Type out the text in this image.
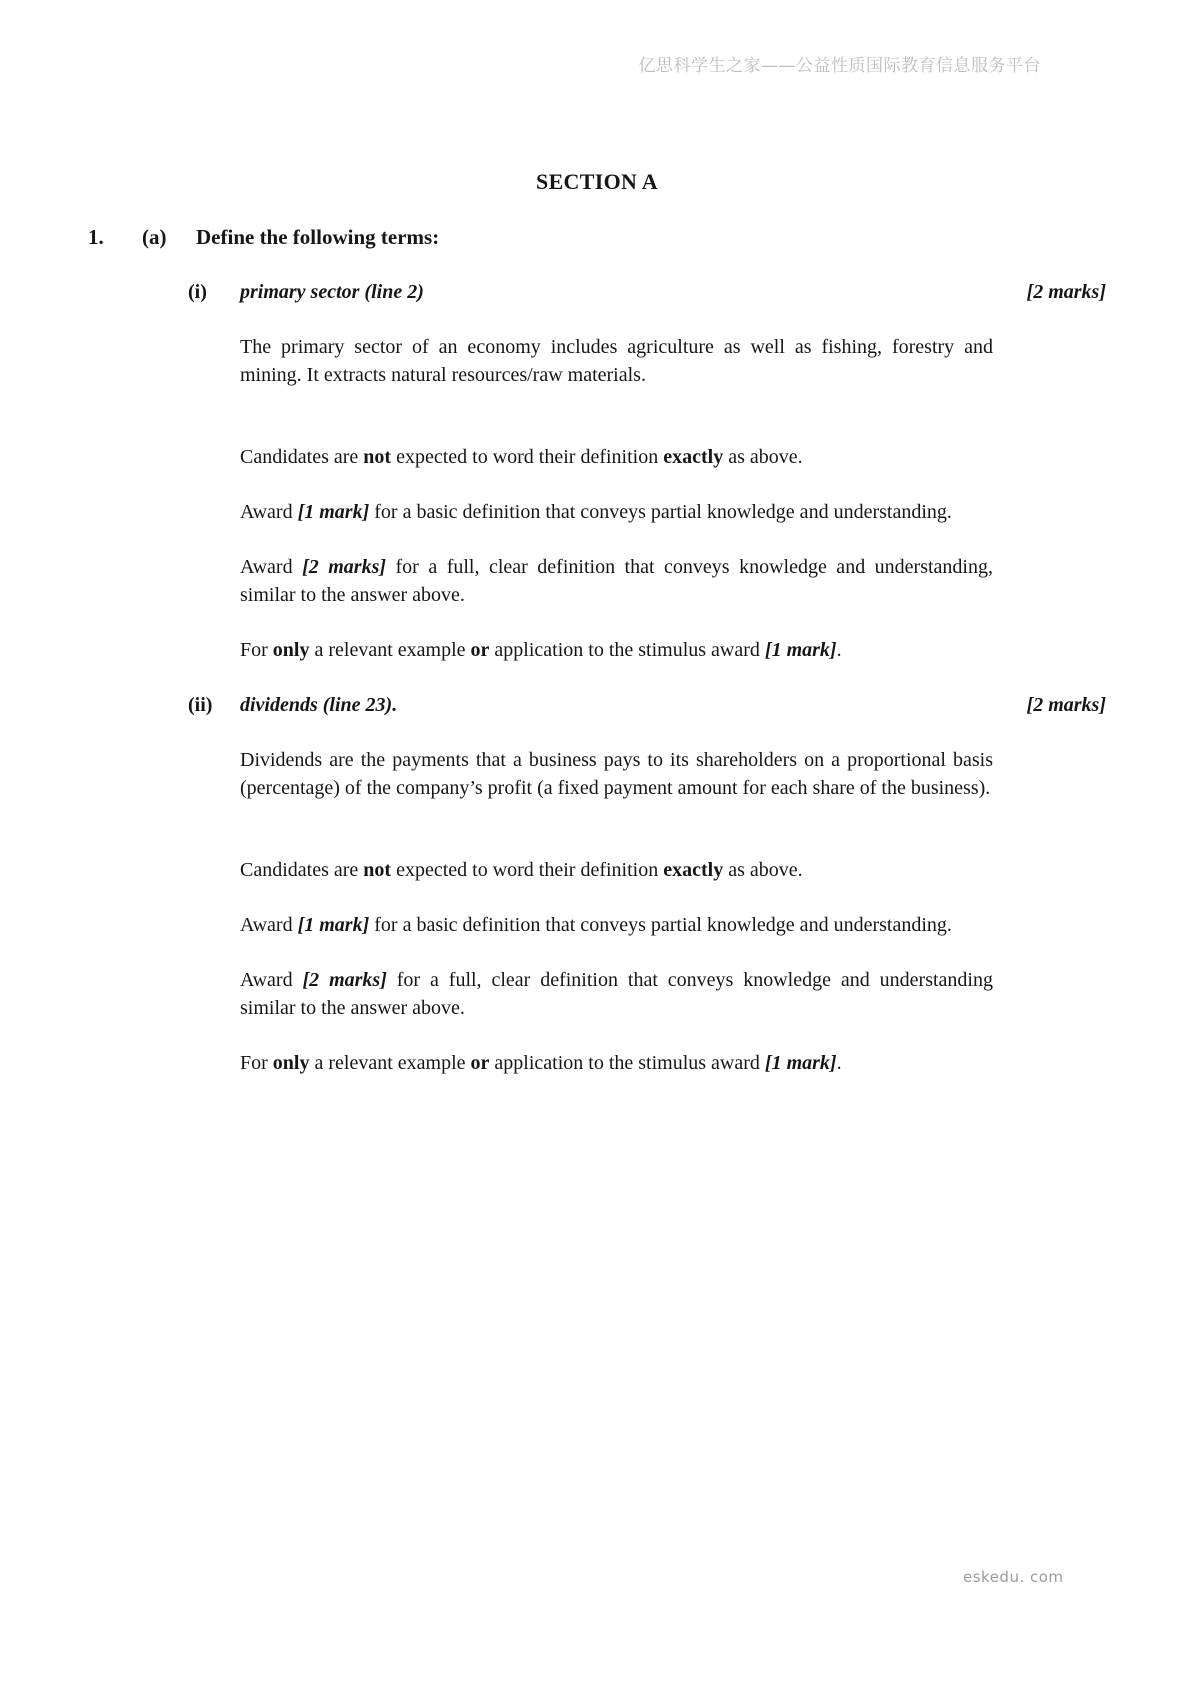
亿思科学生之家——公益性质国际教育信息服务平台
SECTION A
1.	(a)	Define the following terms:
(i)	primary sector (line 2)	[2 marks]

The primary sector of an economy includes agriculture as well as fishing, forestry and mining. It extracts natural resources/raw materials.

Candidates are not expected to word their definition exactly as above.

Award [1 mark] for a basic definition that conveys partial knowledge and understanding.

Award [2 marks] for a full, clear definition that conveys knowledge and understanding, similar to the answer above.

For only a relevant example or application to the stimulus award [1 mark].

(ii)	dividends (line 23).	[2 marks]

Dividends are the payments that a business pays to its shareholders on a proportional basis (percentage) of the company’s profit (a fixed payment amount for each share of the business).

Candidates are not expected to word their definition exactly as above.

Award [1 mark] for a basic definition that conveys partial knowledge and understanding.

Award [2 marks] for a full, clear definition that conveys knowledge and understanding similar to the answer above.

For only a relevant example or application to the stimulus award [1 mark].

eskedu. com
